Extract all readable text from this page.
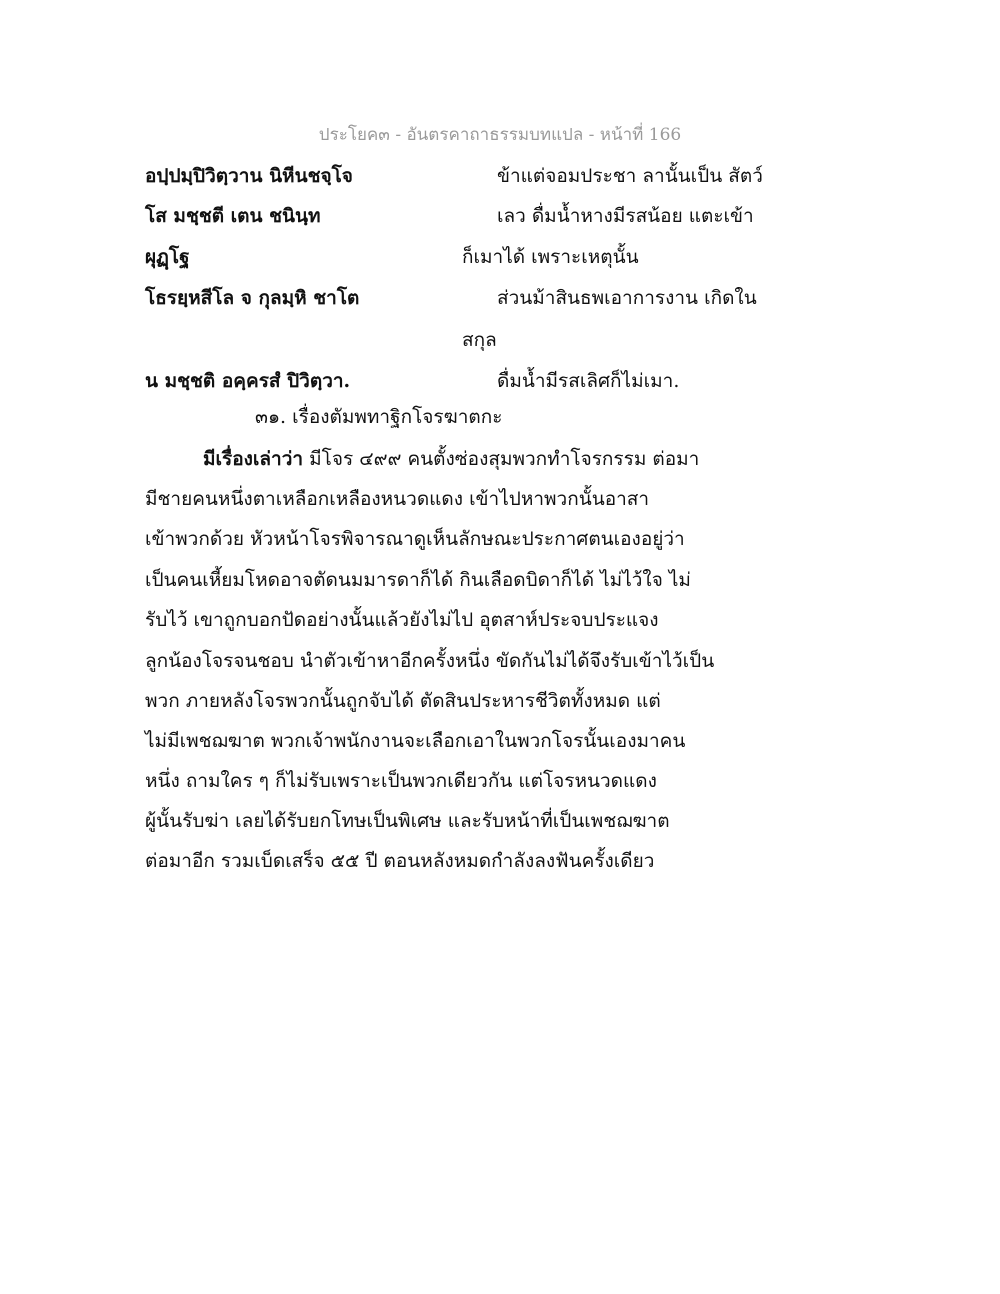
ประโยค๓ - อันตรคาถาธรรมบทแปล - หน้าที่ 166
อปฺปมฺปิวิตฺวาน นิหีนชจฺโจ	ข้าแต่จอมประชา ลานั้นเป็น สัตว์
โส มชฺชตี เตน ชนินฺท	เลว ดื่มน้ำหางมีรสน้อย แตะเข้า
ผุฏฺโฐ	ก็เมาได้ เพราะเหตุนั้น
โธรยฺหสีโล จ กุลมฺหิ ชาโต	ส่วนม้าสินธพเอาการงาน เกิดใน
สกุล
น มชฺชติ อคฺครสํ ปิวิตฺวา.	ดื่มน้ำมีรสเลิศก็ไม่เมา.
๓๑. เรื่องตัมพทาฐิกโจรฆาตกะ
มีเรื่องเล่าว่า มีโจร ๔๙๙ คนตั้งซ่องสุมพวกทำโจรกรรม ต่อมา
มีชายคนหนึ่งตาเหลือกเหลืองหนวดแดง เข้าไปหาพวกนั้นอาสา
เข้าพวกด้วย หัวหน้าโจรพิจารณาดูเห็นลักษณะประกาศตนเองอยู่ว่า
เป็นคนเหี้ยมโหดอาจตัดนมมารดาก็ได้ กินเลือดบิดาก็ได้ ไม่ไว้ใจ ไม่
รับไว้ เขาถูกบอกปัดอย่างนั้นแล้วยังไม่ไป อุตสาห์ประจบประแจง
ลูกน้องโจรจนชอบ นำตัวเข้าหาอีกครั้งหนึ่ง ขัดกันไม่ได้จึงรับเข้าไว้เป็น
พวก ภายหลังโจรพวกนั้นถูกจับได้ ตัดสินประหารชีวิตทั้งหมด แต่
ไม่มีเพชฌฆาต พวกเจ้าพนักงานจะเลือกเอาในพวกโจรนั้นเองมาคน
หนึ่ง ถามใคร ๆ ก็ไม่รับเพราะเป็นพวกเดียวกัน แต่โจรหนวดแดง
ผู้นั้นรับฆ่า เลยได้รับยกโทษเป็นพิเศษ และรับหน้าที่เป็นเพชฌฆาต
ต่อมาอีก รวมเบ็ดเสร็จ ๕๕ ปี ตอนหลังหมดกำลังลงฟันครั้งเดียว
